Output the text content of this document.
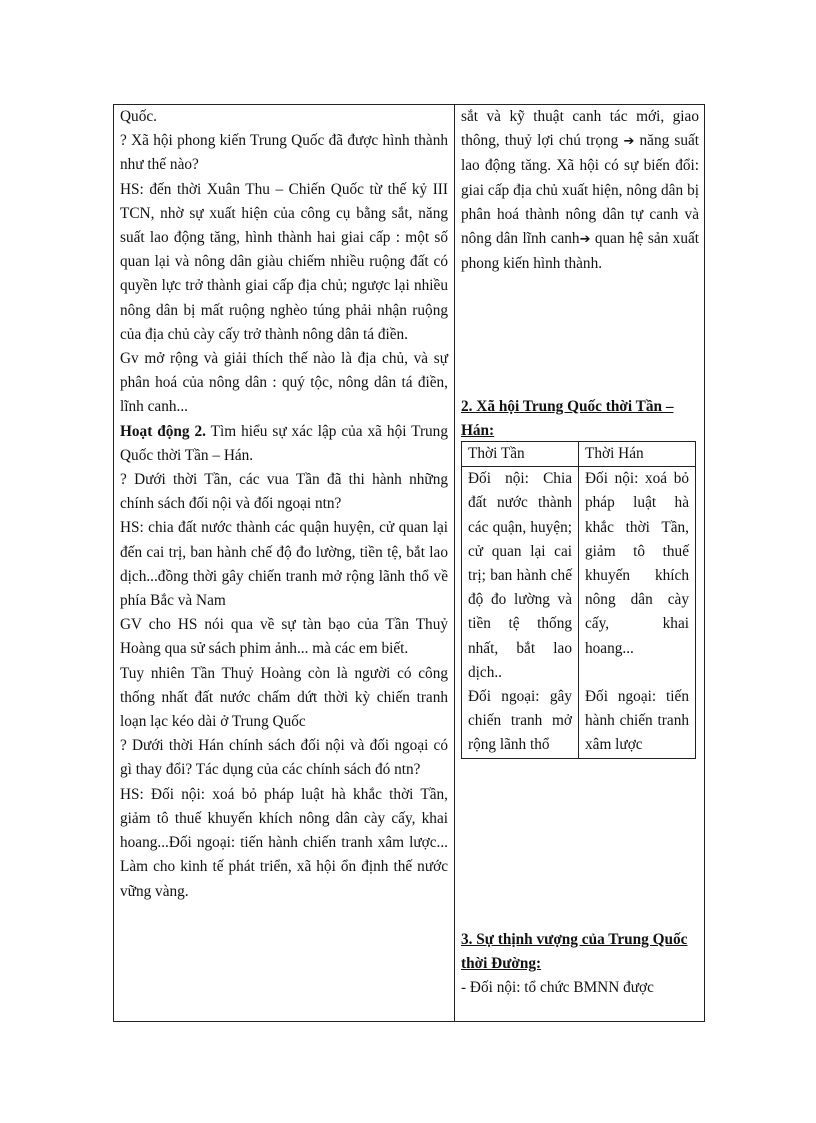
Quốc.

? Xã hội phong kiến Trung Quốc đã được hình thành như thế nào?

HS: đến thời Xuân Thu – Chiến Quốc từ thế kỷ III TCN, nhờ sự xuất hiện của công cụ bằng sắt, năng suất lao động tăng, hình thành hai giai cấp : một số quan lại và nông dân giàu chiếm nhiều ruộng đất có quyền lực trở thành giai cấp địa chủ; ngược lại nhiều nông dân bị mất ruộng nghèo túng phải nhận ruộng của địa chủ cày cấy trở thành nông dân tá điền.

Gv mở rộng và giải thích thế nào là địa chủ, và sự phân hoá của nông dân : quý tộc, nông dân tá điền, lĩnh canh...

Hoạt động 2. Tìm hiểu sự xác lập của xã hội Trung Quốc thời Tần – Hán.

? Dưới thời Tần, các vua Tần đã thi hành những chính sách đối nội và đối ngoại ntn?

HS: chia đất nước thành các quận huyện, cử quan lại đến cai trị, ban hành chế độ đo lường, tiền tệ, bắt lao dịch...đồng thời gây chiến tranh mở rộng lãnh thổ về phía Bắc và Nam

GV cho HS nói qua về sự tàn bạo của Tần Thuỷ Hoàng qua sử sách phim ảnh... mà các em biết.

Tuy nhiên Tần Thuỷ Hoàng còn là người có công thống nhất đất nước chấm dứt thời kỳ chiến tranh loạn lạc kéo dài ở Trung Quốc

? Dưới thời Hán chính sách đối nội và đối ngoại có gì thay đổi? Tác dụng của các chính sách đó ntn?

HS: Đối nội: xoá bỏ pháp luật hà khắc thời Tần, giảm tô thuế khuyến khích nông dân cày cấy, khai hoang...Đối ngoại: tiến hành chiến tranh xâm lược... Làm cho kinh tế phát triển, xã hội ổn định thế nước vững vàng.

sắt và kỹ thuật canh tác mới, giao thông, thuỷ lợi chú trọng ➔ năng suất lao động tăng. Xã hội có sự biến đổi: giai cấp địa chủ xuất hiện, nông dân bị phân hoá thành nông dân tự canh và nông dân lĩnh canh➔ quan hệ sản xuất phong kiến hình thành.

2. Xã hội Trung Quốc thời Tần – Hán:

3. Sự thịnh vượng của Trung Quốc thời Đường:

- Đối nội: tổ chức BMNN được

Thời Tần
Đối nội: Chia đất nước thành các quận, huyện; cử quan lại cai trị; ban hành chế độ đo lường và tiền tệ thống nhất, bắt lao dịch..
Đối ngoại: gây chiến tranh mở rộng lãnh thổ
Thời Hán
Đối nội: xoá bỏ pháp luật hà khắc thời Tần, giảm tô thuế khuyến khích nông dân cày cấy, khai hoang...
Đối ngoại: tiến hành chiến tranh xâm lược
